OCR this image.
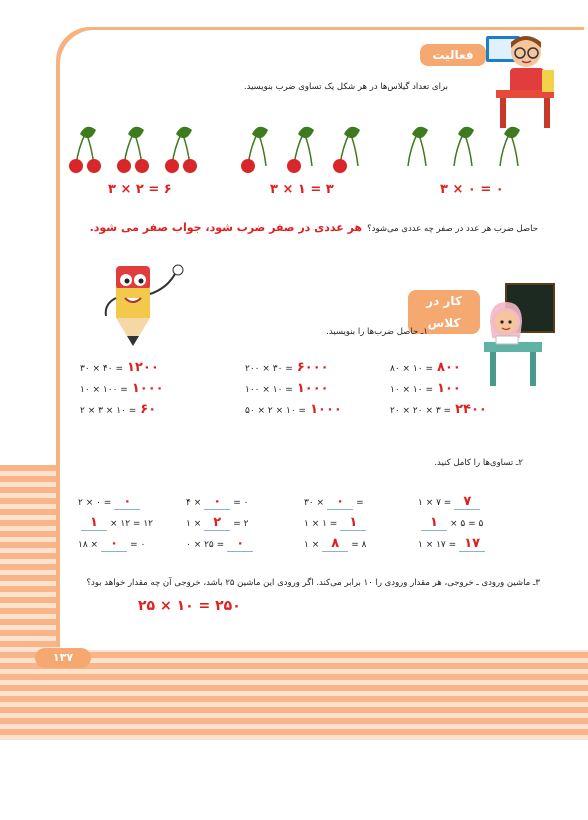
فعالیت
برای تعداد گیلاس‌ها در هر شکل یک تساوی ضرب بنویسید.
۳ × ۲ = ۶	۳ × ۱ = ۳	۳ × ۰ = ۰
حاصل ضرب هر عدد در صفر چه عددی می‌شود؟ هر عددی در صفر ضرب شود، جواب صفر می شود.
کار در کلاس
۱ـ حاصل ضرب‌ها را بنویسید.
۸۰ × ۱۰ = ۸۰۰
۲۰۰ × ۳۰ = ۶۰۰۰
۳۰ × ۴۰ = ۱۲۰۰
۱۰ × ۱۰ = ۱۰۰
۱۰۰ × ۱۰ = ۱۰۰۰
۱۰ × ۱۰۰ = ۱۰۰۰
۲۰ × ۲۰ × ۳ = ۲۴۰۰
۵۰ × ۲ × ۱۰ = ۱۰۰۰
۲ × ۳ × ۱۰ = ۶۰
۲ـ تساوی‌ها را کامل کنید.
۱ × ۷ = ۷
۳۰ × ۰ =
۴ × ۰ = ۰
۲ × ۰ = ۰
۱ × ۵ = ۵
۱ × ۱ = ۱
۱ × ۲ = ۲
۱ × ۱۲ = ۱۲
۱ × ۱۷ = ۱۷
۱ × ۸ = ۸
۰ × ۲۵ = ۰
۱۸ × ۰ = ۰
۳ـ ماشین ورودی ـ خروجی، هر مقدار ورودی را ۱۰ برابر می‌کند. اگر ورودی این ماشین ۲۵ باشد، خروجی آن چه مقدار خواهد بود؟
۲۵ × ۱۰ = ۲۵۰
۱۳۷
